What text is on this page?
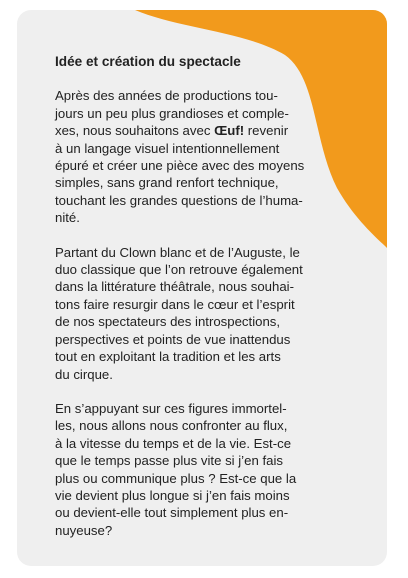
Idée et création du spectacle
Après des années de productions tou-
jours un peu plus grandioses et comple-
xes, nous souhaitons avec Œuf! revenir
à un langage visuel intentionnellement
épuré et créer une pièce avec des moyens
simples, sans grand renfort technique,
touchant les grandes questions de l’huma-
nité.
Partant du Clown blanc et de l’Auguste, le
duo classique que l’on retrouve également
dans la littérature théâtrale, nous souhai-
tons faire resurgir dans le cœur et l’esprit
de nos spectateurs des introspections,
perspectives et points de vue inattendus
tout en exploitant la tradition et les arts
du cirque.
En s’appuyant sur ces figures immortel-
les, nous allons nous confronter au flux,
à la vitesse du temps et de la vie. Est-ce
que le temps passe plus vite si j’en fais
plus ou communique plus ? Est-ce que la
vie devient plus longue si j’en fais moins
ou devient-elle tout simplement plus en-
nuyeuse?
